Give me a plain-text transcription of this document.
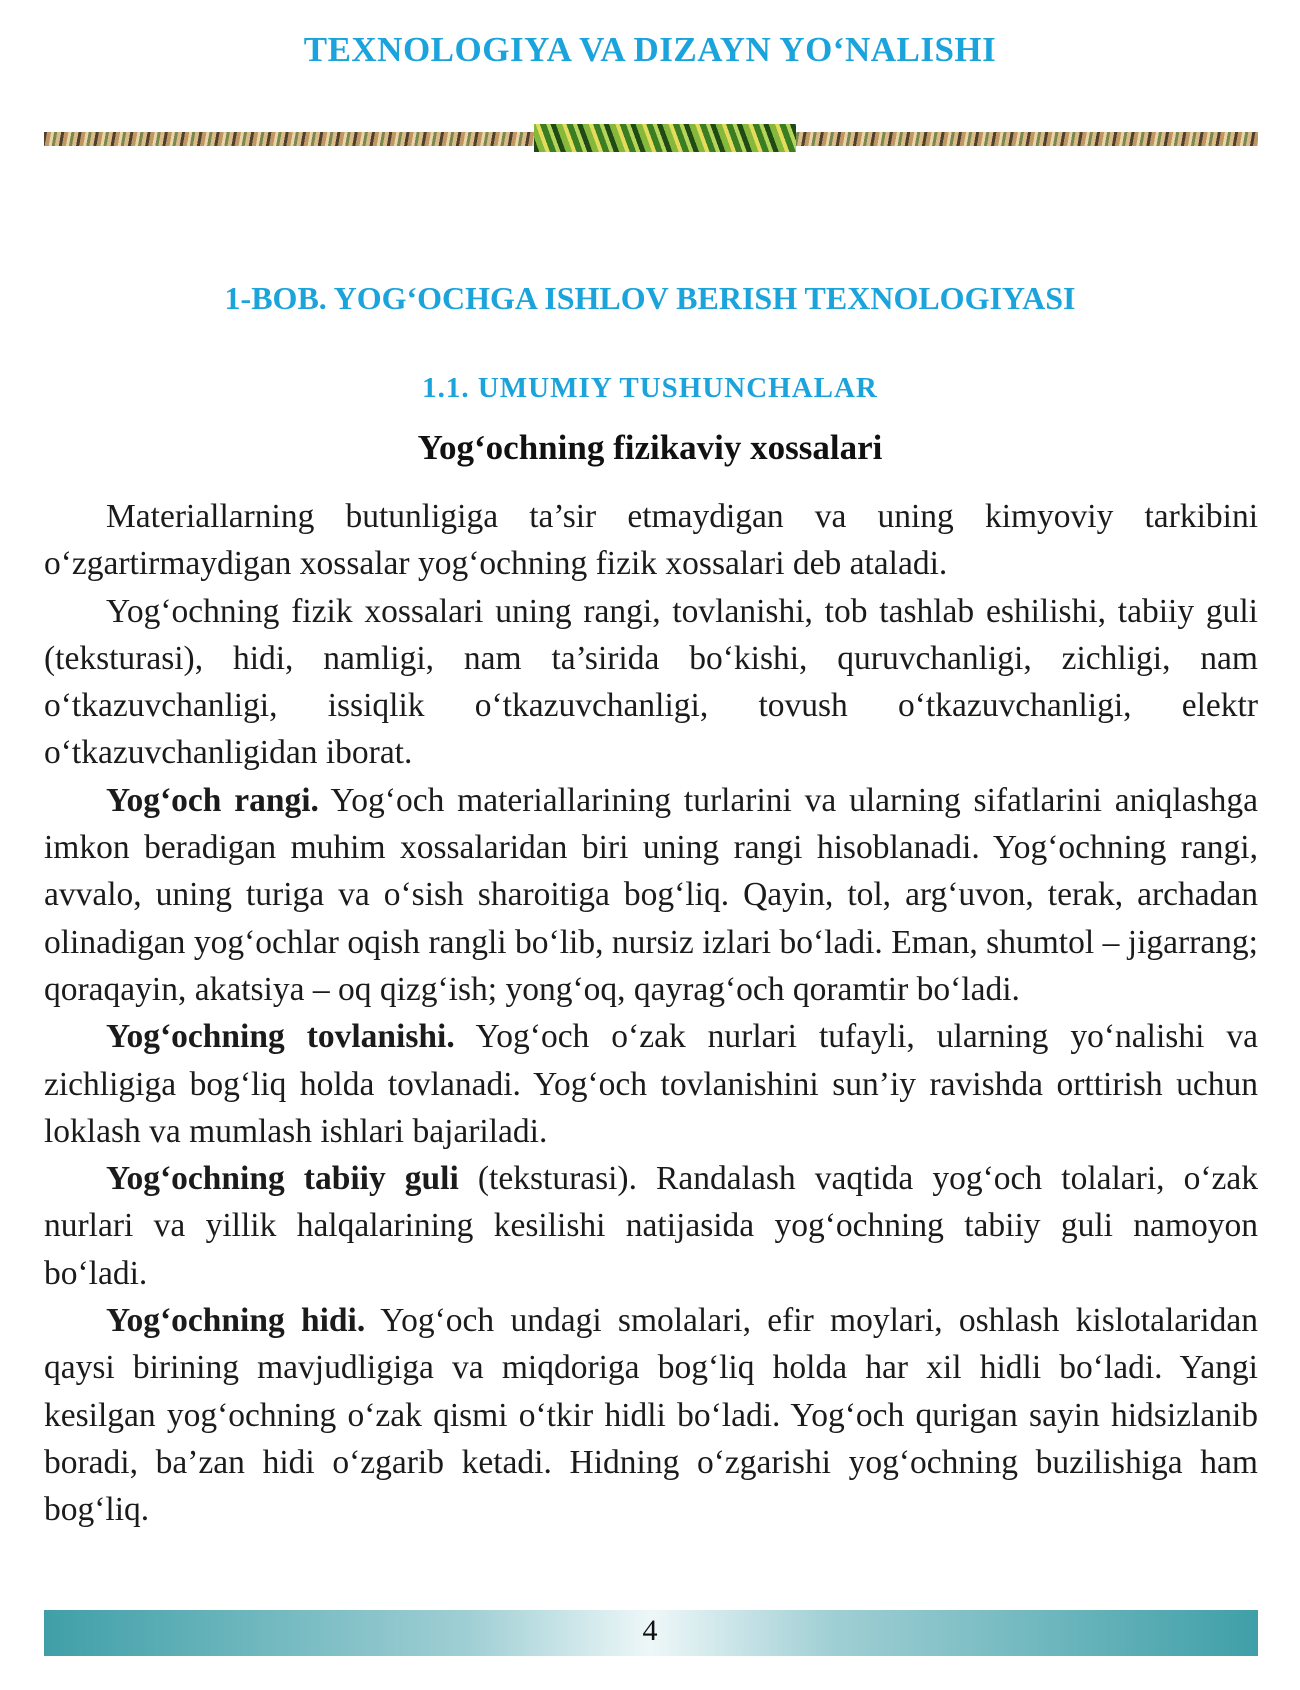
TEXNOLOGIYA VA DIZAYN YO‘NALISHI
1-BOB. YOG‘OCHGA ISHLOV BERISH TEXNOLOGIYASI
1.1. UMUMIY TUSHUNCHALAR
Yog‘ochning fizikaviy xossalari

Materiallarning butunligiga ta’sir etmaydigan va uning kimyoviy tarkibini o‘zgartirmaydigan xossalar yog‘ochning fizik xossalari deb ataladi.

Yog‘ochning fizik xossalari uning rangi, tovlanishi, tob tashlab eshilishi, tabiiy guli (teksturasi), hidi, namligi, nam ta’sirida bo‘kishi, quruvchanligi, zichligi, nam o‘tkazuvchanligi, issiqlik o‘tkazuvchanligi, tovush o‘tkazuvchanligi, elektr o‘tkazuvchanligidan iborat.

Yog‘och rangi. Yog‘och materiallarining turlarini va ularning sifatlarini aniqlashga imkon beradigan muhim xossalaridan biri uning rangi hisoblanadi. Yog‘ochning rangi, avvalo, uning turiga va o‘sish sharoitiga bog‘liq. Qayin, tol, arg‘uvon, terak, archadan olinadigan yog‘ochlar oqish rangli bo‘lib, nursiz izlari bo‘ladi. Eman, shumtol – jigarrang; qoraqayin, akatsiya – oq qizg‘ish; yong‘oq, qayrag‘och qoramtir bo‘ladi.

Yog‘ochning tovlanishi. Yog‘och o‘zak nurlari tufayli, ularning yo‘nalishi va zichligiga bog‘liq holda tovlanadi. Yog‘och tovlanishini sun’iy ravishda orttirish uchun loklash va mumlash ishlari bajariladi.

Yog‘ochning tabiiy guli (teksturasi). Randalash vaqtida yog‘och tolalari, o‘zak nurlari va yillik halqalarining kesilishi natijasida yog‘ochning tabiiy guli namoyon bo‘ladi.

Yog‘ochning hidi. Yog‘och undagi smolalari, efir moylari, oshlash kislotalaridan qaysi birining mavjudligiga va miqdoriga bog‘liq holda har xil hidli bo‘ladi. Yangi kesilgan yog‘ochning o‘zak qismi o‘tkir hidli bo‘ladi. Yog‘och qurigan sayin hidsizlanib boradi, ba’zan hidi o‘zgarib ketadi. Hidning o‘zgarishi yog‘ochning buzilishiga ham bog‘liq.

4
